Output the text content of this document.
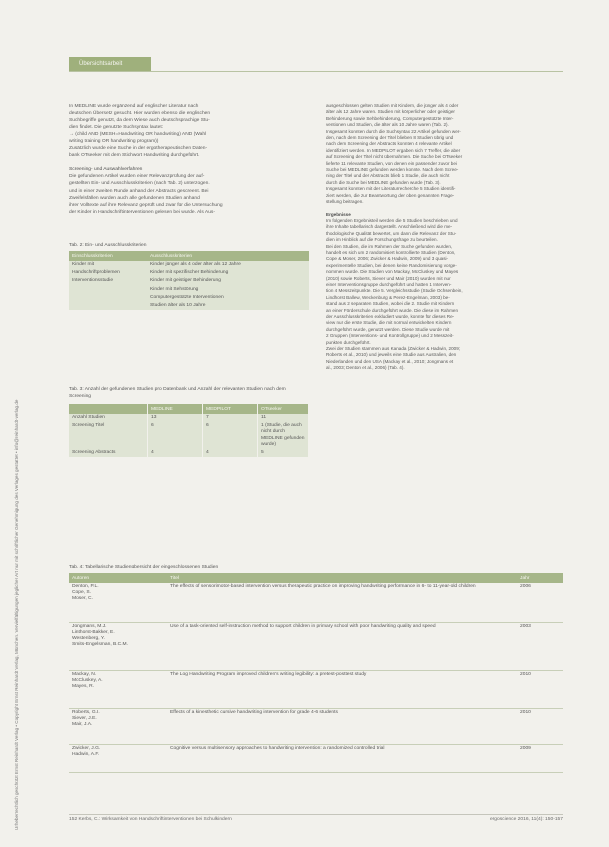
Urheberrechtlich geschützt Ernst Reinhardt Verlag • Copyright Ernst Reinhardt Verlag, München. Vervielfältigungen jeglicher Art nur mit schriftlicher Genehmigung des Verlages gestattet • info@reinhardt-verlag.de
Übersichtsarbeit

In MEDLINE wurde ergänzend auf englischer Literatur nach

deutschen Übersetz gesucht. Hier wurden ebenso die englischen

Suchbegriffe genutzt, da dem Wiese auch deutschsprachige Stu-

dien findet. Die genutzte Suchsyntax lautet:

→ (child AND (MESH=Handwriting OR handwriting) AND (Wahl

writing training OR handwriting program))

Zusätzlich wurde eine Suche in der ergotherapeutischen Daten-

bank OTseeker mit dem Stichwort Handwriting durchgeführt.

Screening- und Auswahlverfahren

Die gefundenen Artikel wurden einer Relevanzprüfung der auf-

gestellten Ein- und Ausschlusskriterien (nach Tab. 2) unterzogen.

und in einer zweiten Runde anhand der Abstracts gescreent. Bei

Zweifelsfällen wurden auch alle gefundenen Studien anhand

ihrer Volltexte auf ihre Relevanz geprüft und zwar für die Untersuchung

der Kinder in Handschriftinterventionen gelesen bei wurde. Als Aus-

Tab. 2: Ein- und Ausschlusskriterien
Einschlusskriterien	Ausschlusskriterien
Kinder mit	Kinder jünger als 4 oder älter als 12 Jahre
Handschriftproblemen	Kinder mit spezifischer Behinderung
Interventionsstudie	Kinder mit geistiger Behinderung
	Kinder mit Sehstörung
	Computergestützte Interventionen
	Studien älter als 10 Jahre
Tab. 3: Anzahl der gefundenen Studien pro Datenbank und Anzahl der relevanten Studien nach dem Screening
	MEDLINE	MEDPILOT	OTseeker
Anzahl Studien	13	7	11
Screening Titel	6	6	1 (Studie, die auch nicht durch MEDLINE gefunden wurde)
Screening Abstracts	4	4	5

ausgeschlossen gelten Studien mit Kindern, die jünger als 4 oder

älter als 12 Jahre waren. Studien mit körperlicher oder geistiger

Behinderung sowie Sehbehinderung, Computergestützte Inter-

ventionen und Studien, die älter als 10 Jahre waren (Tab. 2).

Insgesamt konnten durch die Suchsyntax 22 Artikel gefunden wer-

den, nach dem Screening der Titel blieben 8 Studien übrig und

nach dem Screening der Abstracts konnten 4 relevante Artikel

identifiziert werden. In MEDPILOT ergaben sich 7 Treffer, die aber

auf Screening der Titel nicht übernahmen. Die Suche bei OTseeker

lieferte 11 relevante Studien, von denen ein passender zuvor bei

Suche bei MEDLINE gefunden werden konnte. Nach dem Scree-

ning der Titel und der Abstracts blieb 1 Studie, die auch nicht

durch die Suche bei MEDLINE gefunden wurde (Tab. 3).

Insgesamt konnten mit der Literaturrecherche 5 Studien identifi-

ziert werden, die zur Beantwortung der oben genannten Frage-

stellung beitragen.

Ergebnisse

Im folgenden Ergebnisteil werden die 5 Studien beschrieben und

ihre Inhalte tabellarisch dargestellt. Anschließend wird die me-

thodologische Qualität bewertet, um dann die Relevanz der Stu-

dien im Hinblick auf die Forschungsfrage zu beurteilen.

Bei den Studien, die im Rahmen der Suche gefunden wurden,

handelt es sich um 2 randomisiert kontrollierte Studien (Denton,

Cope & Moser, 2006; Zwicker & Hadwin, 2009) und 3 quasi-

experimentelle Studien, bei denen keine Randomisierung vorge-

nommen wurde. Die Studien von Mackay, McCluskey und Mayes

(2010) sowie Roberts, Siever und Mair (2010) wurden mit nur

einer Interventionsgruppe durchgeführt und hatten 1 Interven-

tion 4 Messzeitpunkte. Die 5. Vergleichsstudie (Studie Ochsenbein,

Lindhorst Ballew, Weckenburg & Perez-Engelman, 2003) be-

stand aus 2 separaten Studien, wobei die 2. Studie mit Kindern

an einer Förderschule durchgeführt wurde. Die diese im Rahmen

der Ausschlusskriterien exkludiert wurde, konnte für dieses Re-

view nur die erste Studie, die mit normal entwickelten Kindern

durchgeführt wurde, genutzt werden. Diese Studie wurde mit

2 Gruppen (Interventions- und Kontrollgruppe) und 2 Messzeit-

punkten durchgeführt.

Zwei der Studien stammen aus Kanada (Zwicker & Hadwin, 2009;

Roberts et al., 2010) und jeweils eine Studie aus Australien, den

Niederlanden und den USA (Mackay et al., 2010; Jongmans et

al., 2003; Denton et al., 2006) (Tab. 4).

Tab. 4: Tabellarische Studienübersicht der eingeschlossenen Studien
Autoren	Titel	Jahr
Denton, P.L.
Cope, S.
Moser, C.	The effects of sensorimotor-based intervention versus therapeutic practice on improving handwriting performance in 6- to 11-year-old children	2006
Jongmans, M.J.
Linthorst-Bakker, E.
Westenberg, Y.
Smits-Engelsman, B.C.M.	Use of a task-oriented self-instruction method to support children in primary school with poor handwriting quality and speed	2003
Mackay, N.
McCluskey, A.
Mayes, R.	The Log Handwriting Program improved children's writing legibility: a pretest-posttest study	2010
Roberts, G.I.
Siever, J.E.
Mair, J.A.	Effects of a kinesthetic cursive handwriting intervention for grade 4-6 students	2010
Zwicker, J.G.
Hadwin, A.F.	Cognitive versus multisensory approaches to handwriting intervention: a randomized controlled trial	2009
152 Kerbs, C.: Wirksamkeit von Handschriftinterventionen bei Schulkindern	ergoscience 2016, 11(4): 150-157
